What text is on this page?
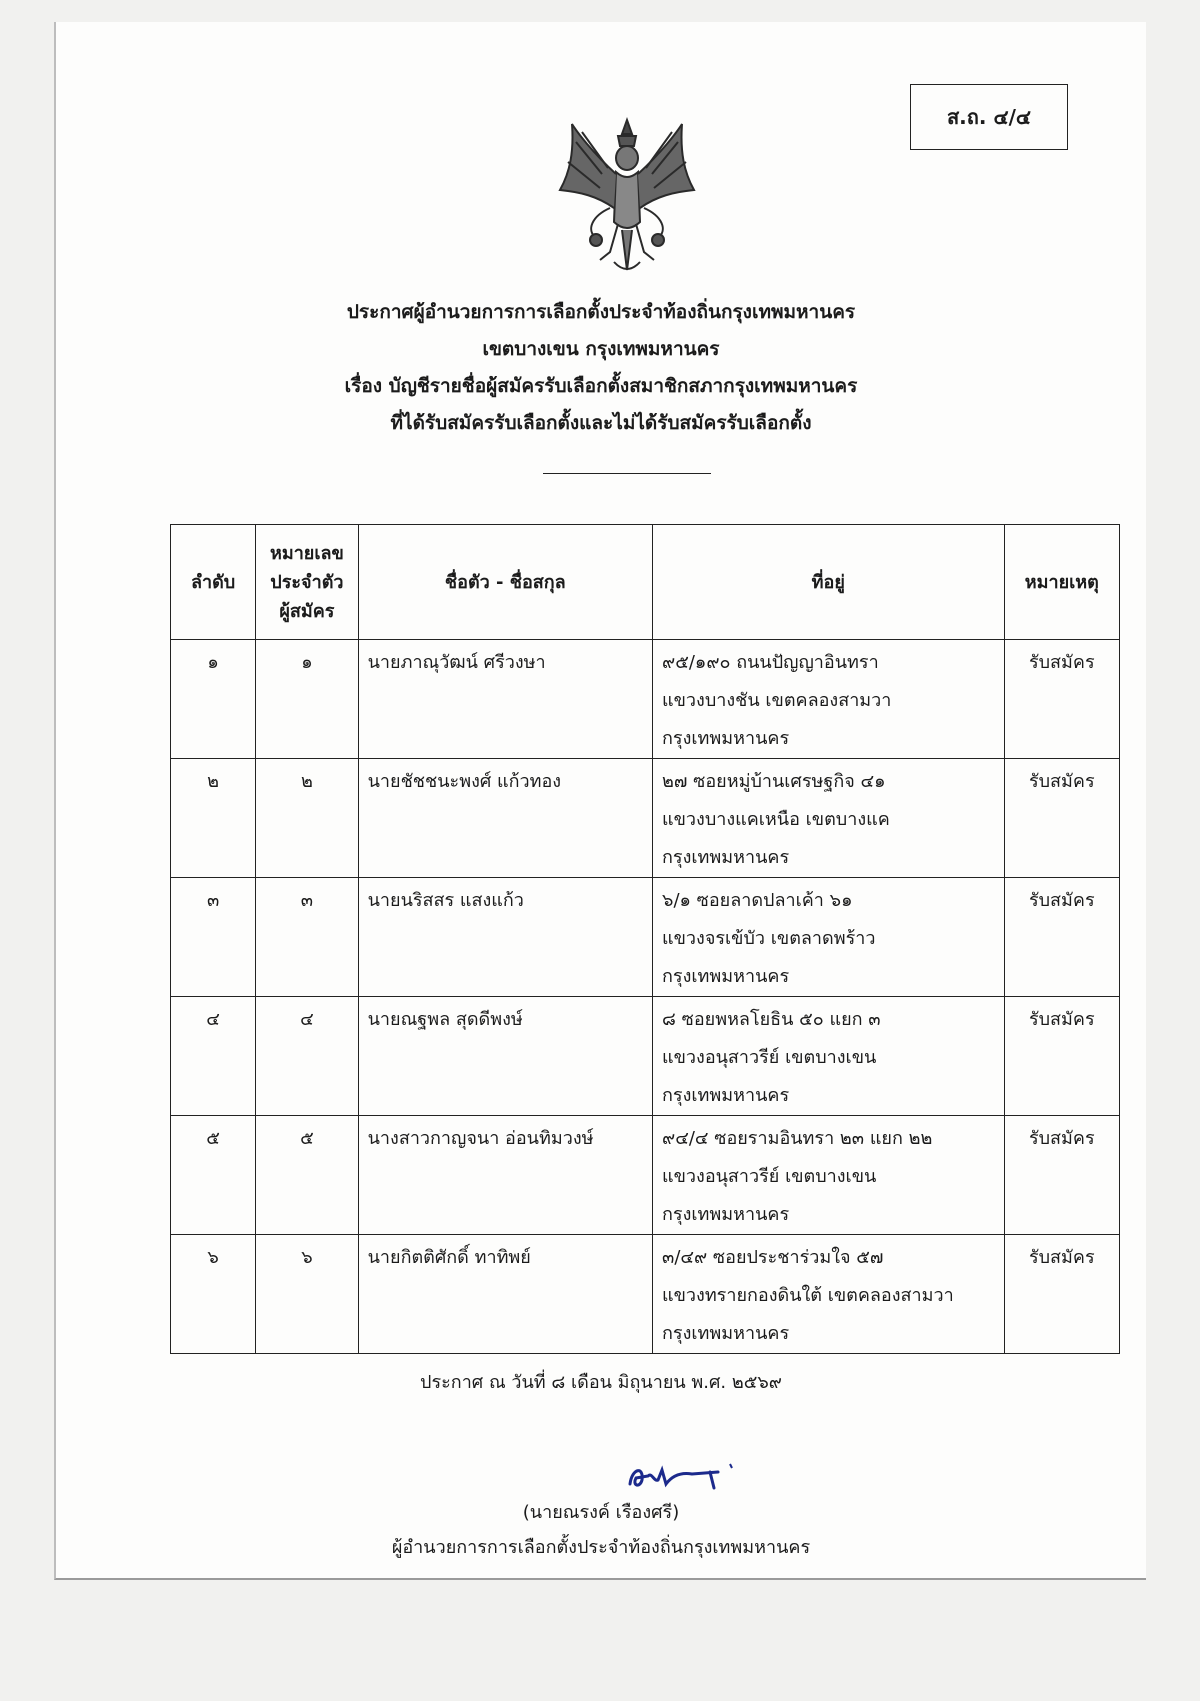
ส.ถ. ๔/๔
ประกาศผู้อำนวยการการเลือกตั้งประจำท้องถิ่นกรุงเทพมหานคร
เขตบางเขน กรุงเทพมหานคร
เรื่อง บัญชีรายชื่อผู้สมัครรับเลือกตั้งสมาชิกสภากรุงเทพมหานคร
ที่ได้รับสมัครรับเลือกตั้งและไม่ได้รับสมัครรับเลือกตั้ง
ลำดับ	หมายเลข
ประจำตัว
ผู้สมัคร	ชื่อตัว - ชื่อสกุล	ที่อยู่	หมายเหตุ
๑	๑	นายภาณุวัฒน์ ศรีวงษา	๙๕/๑๙๐ ถนนปัญญาอินทรา
แขวงบางชัน เขตคลองสามวา
กรุงเทพมหานคร	รับสมัคร
๒	๒	นายชัชชนะพงศ์ แก้วทอง	๒๗ ซอยหมู่บ้านเศรษฐกิจ ๔๑
แขวงบางแคเหนือ เขตบางแค
กรุงเทพมหานคร	รับสมัคร
๓	๓	นายนริสสร แสงแก้ว	๖/๑ ซอยลาดปลาเค้า ๖๑
แขวงจรเข้บัว เขตลาดพร้าว
กรุงเทพมหานคร	รับสมัคร
๔	๔	นายณฐพล สุดดีพงษ์	๘ ซอยพหลโยธิน ๕๐ แยก ๓
แขวงอนุสาวรีย์ เขตบางเขน
กรุงเทพมหานคร	รับสมัคร
๕	๕	นางสาวกาญจนา อ่อนทิมวงษ์	๙๔/๔ ซอยรามอินทรา ๒๓ แยก ๒๒
แขวงอนุสาวรีย์ เขตบางเขน
กรุงเทพมหานคร	รับสมัคร
๖	๖	นายกิตติศักดิ์ ทาทิพย์	๓/๔๙ ซอยประชาร่วมใจ ๕๗
แขวงทรายกองดินใต้ เขตคลองสามวา
กรุงเทพมหานคร	รับสมัคร
ประกาศ ณ วันที่ ๘ เดือน มิถุนายน พ.ศ. ๒๕๖๙
(นายณรงค์ เรืองศรี)
ผู้อำนวยการการเลือกตั้งประจำท้องถิ่นกรุงเทพมหานคร
